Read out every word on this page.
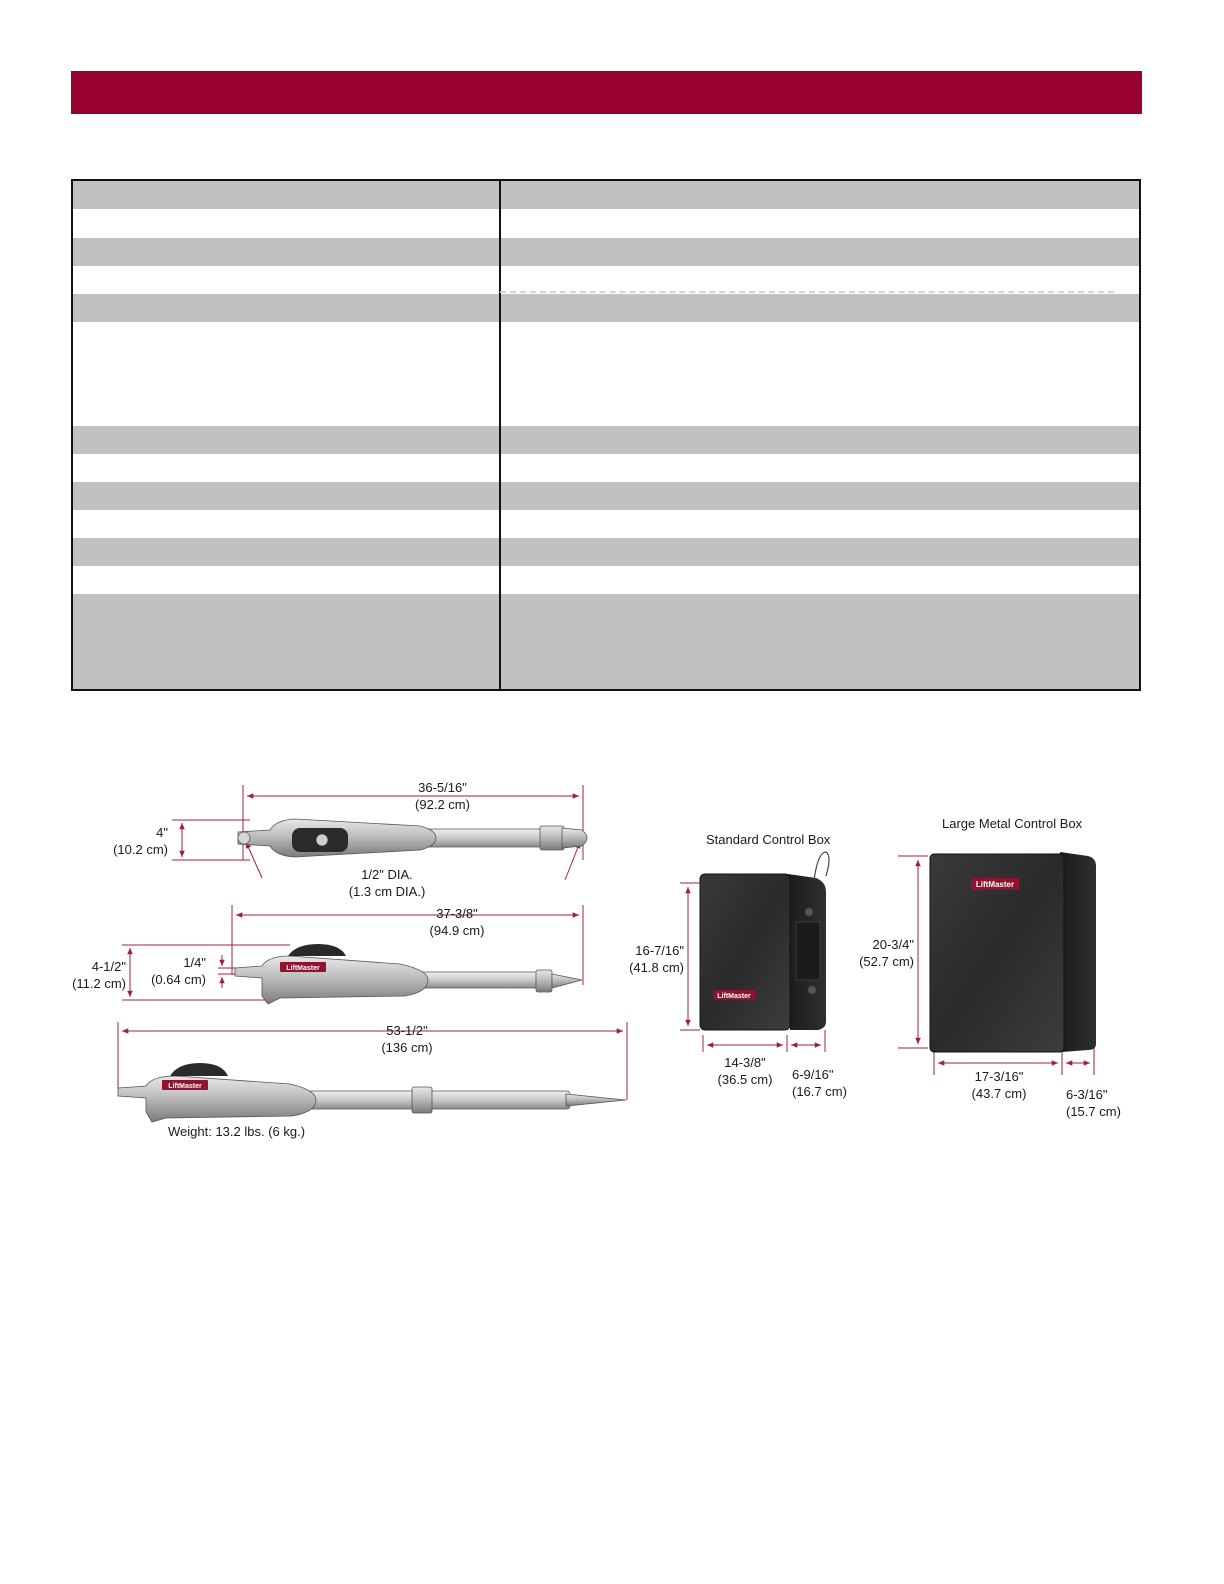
LiftMaster
LiftMaster
LiftMaster
LiftMaster
36-5/16"
(92.2 cm)
4"
(10.2 cm)
1/2" DIA.
(1.3 cm DIA.)
37-3/8"
(94.9 cm)
4-1/2"
(11.2 cm)
1/4"
(0.64 cm)
53-1/2"
(136 cm)
Weight: 13.2 lbs. (6 kg.)
Standard Control Box
16-7/16"
(41.8 cm)
14-3/8"
(36.5 cm)	6-9/16"
(16.7 cm)
Large Metal Control Box
20-3/4"
(52.7 cm)
17-3/16"
(43.7 cm)	6-3/16"
(15.7 cm)
